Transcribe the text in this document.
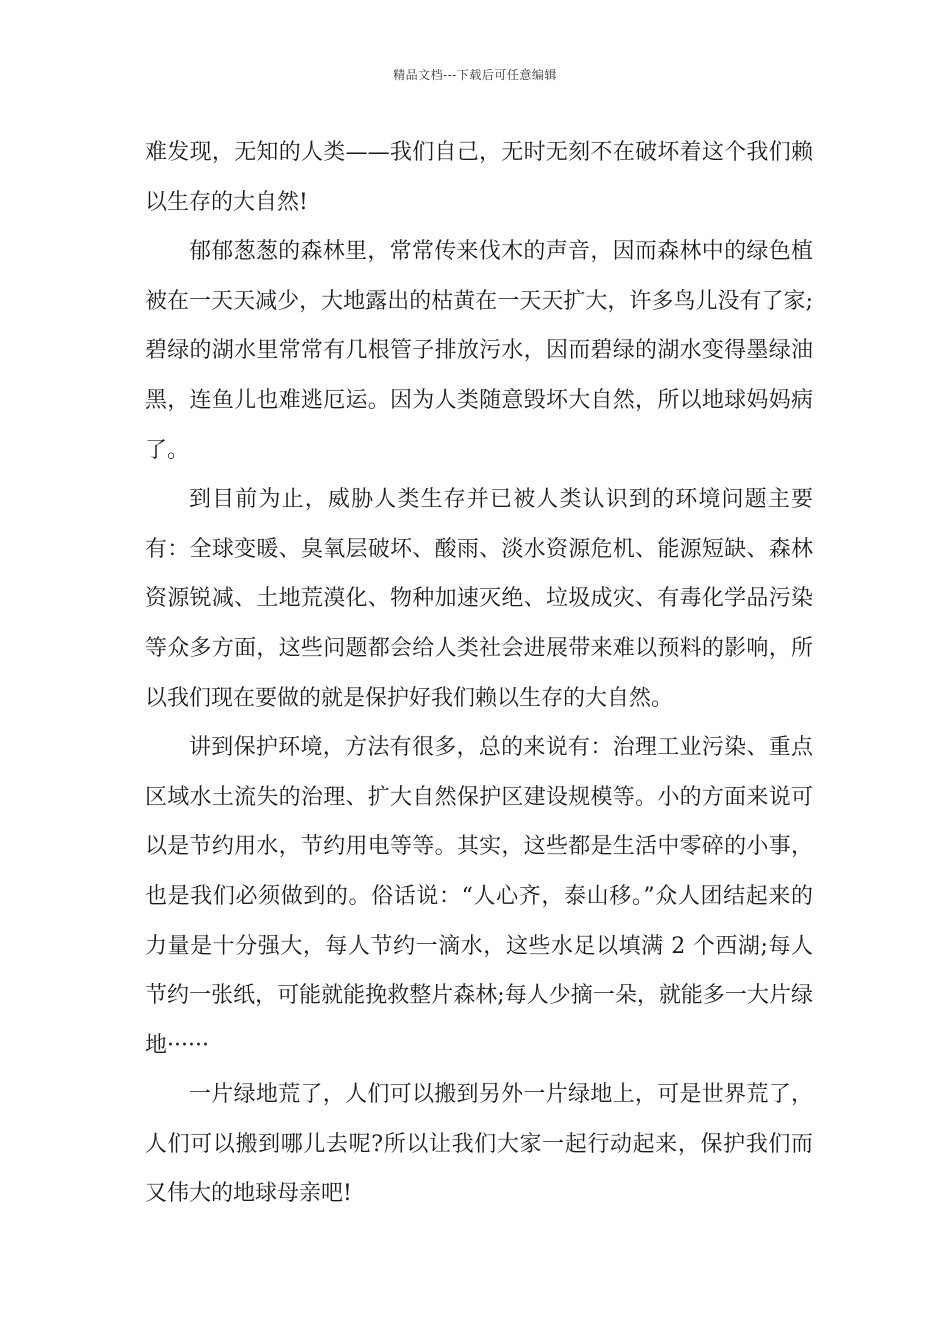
精品文档---下载后可任意编辑

难发现，无知的人类——我们自己，无时无刻不在破坏着这个我们赖以生存的大自然!

郁郁葱葱的森林里，常常传来伐木的声音，因而森林中的绿色植被在一天天减少，大地露出的枯黄在一天天扩大，许多鸟儿没有了家;碧绿的湖水里常常有几根管子排放污水，因而碧绿的湖水变得墨绿油黑，连鱼儿也难逃厄运。因为人类随意毁坏大自然，所以地球妈妈病了。

到目前为止，威胁人类生存并已被人类认识到的环境问题主要有：全球变暖、臭氧层破坏、酸雨、淡水资源危机、能源短缺、森林资源锐减、土地荒漠化、物种加速灭绝、垃圾成灾、有毒化学品污染等众多方面，这些问题都会给人类社会进展带来难以预料的影响，所以我们现在要做的就是保护好我们赖以生存的大自然。

讲到保护环境，方法有很多，总的来说有：治理工业污染、重点区域水土流失的治理、扩大自然保护区建设规模等。小的方面来说可以是节约用水，节约用电等等。其实，这些都是生活中零碎的小事，也是我们必须做到的。俗话说：“人心齐，泰山移。”众人团结起来的力量是十分强大，每人节约一滴水，这些水足以填满 2 个西湖;每人节约一张纸，可能就能挽救整片森林;每人少摘一朵，就能多一大片绿地······

一片绿地荒了，人们可以搬到另外一片绿地上，可是世界荒了，人们可以搬到哪儿去呢?所以让我们大家一起行动起来，保护我们而又伟大的地球母亲吧!
